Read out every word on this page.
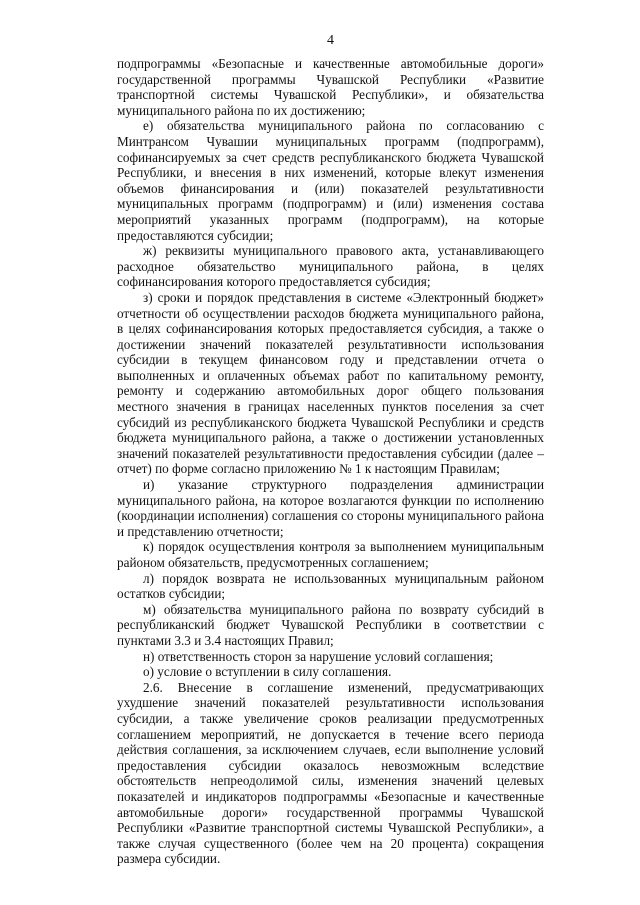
4

подпрограммы «Безопасные и качественные автомобильные дороги» государственной программы Чувашской Республики «Развитие транспортной системы Чувашской Республики», и обязательства муниципального района по их достижению;

е) обязательства муниципального района по согласованию с Минтрансом Чувашии муниципальных программ (подпрограмм), софинансируемых за счет средств республиканского бюджета Чувашской Республики, и внесения в них изменений, которые влекут изменения объемов финансирования и (или) показателей результативности муниципальных программ (подпрограмм) и (или) изменения состава мероприятий указанных программ (подпрограмм), на которые предоставляются субсидии;

ж) реквизиты муниципального правового акта, устанавливающего расходное обязательство муниципального района, в целях софинансирования которого предоставляется субсидия;

з) сроки и порядок представления в системе «Электронный бюджет» отчетности об осуществлении расходов бюджета муниципального района, в целях софинансирования которых предоставляется субсидия, а также о достижении значений показателей результативности использования субсидии в текущем финансовом году и представлении отчета о выполненных и оплаченных объемах работ по капитальному ремонту, ремонту и содержанию автомобильных дорог общего пользования местного значения в границах населенных пунктов поселения за счет субсидий из республиканского бюджета Чувашской Республики и средств бюджета муниципального района, а также о достижении установленных значений показателей результативности предоставления субсидии (далее – отчет) по форме согласно приложению № 1 к настоящим Правилам;

и) указание структурного подразделения администрации муниципального района, на которое возлагаются функции по исполнению (координации исполнения) соглашения со стороны муниципального района и представлению отчетности;

к) порядок осуществления контроля за выполнением муниципальным районом обязательств, предусмотренных соглашением;

л) порядок возврата не использованных муниципальным районом остатков субсидии;

м) обязательства муниципального района по возврату субсидий в республиканский бюджет Чувашской Республики в соответствии с пунктами 3.3 и 3.4 настоящих Правил;

н) ответственность сторон за нарушение условий соглашения;

о) условие о вступлении в силу соглашения.

2.6. Внесение в соглашение изменений, предусматривающих ухудшение значений показателей результативности использования субсидии, а также увеличение сроков реализации предусмотренных соглашением мероприятий, не допускается в течение всего периода действия соглашения, за исключением случаев, если выполнение условий предоставления субсидии оказалось невозможным вследствие обстоятельств непреодолимой силы, изменения значений целевых показателей и индикаторов подпрограммы «Безопасные и качественные автомобильные дороги» государственной программы Чувашской Республики «Развитие транспортной системы Чувашской Республики», а также случая существенного (более чем на 20 процента) сокращения размера субсидии.
